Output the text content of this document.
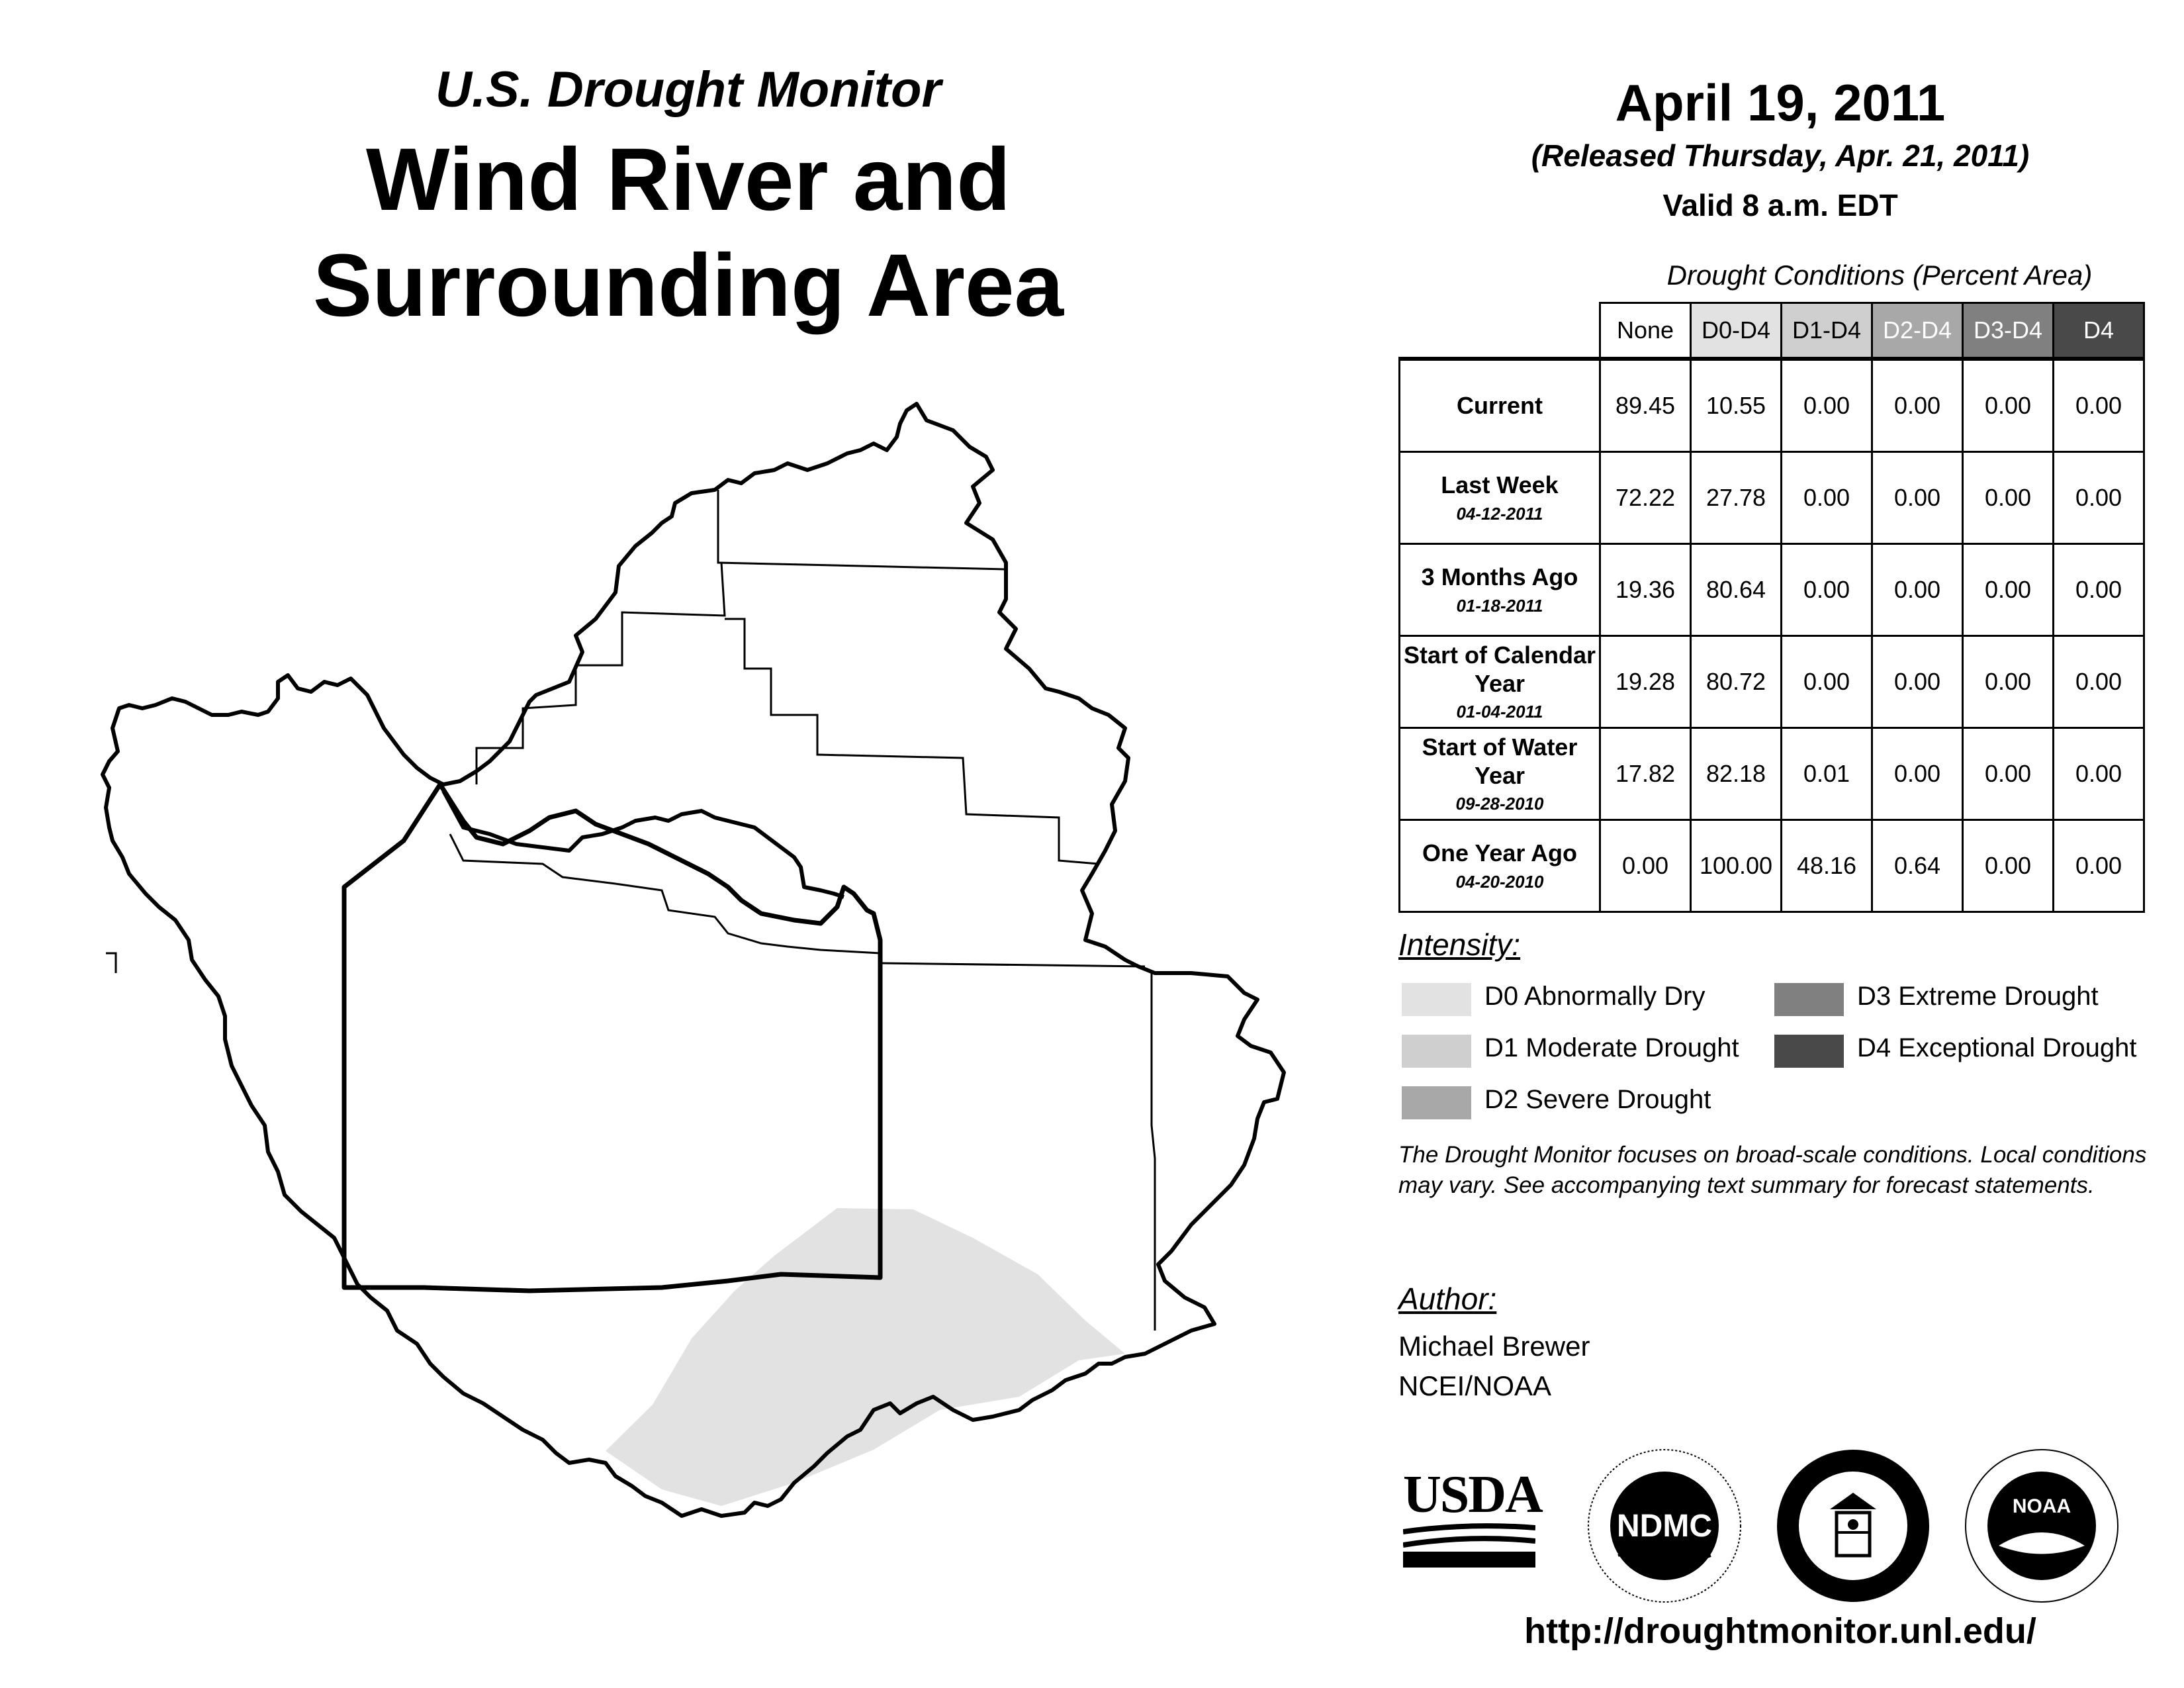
U.S. Drought Monitor
Wind River and
Surrounding Area
April 19, 2011
(Released Thursday, Apr. 21, 2011)
Valid 8 a.m. EDT
Drought Conditions (Percent Area)
	None	D0-D4	D1-D4	D2-D4	D3-D4	D4
Current	89.45	10.55	0.00	0.00	0.00	0.00
Last Week
04-12-2011	72.22	27.78	0.00	0.00	0.00	0.00
3 Months Ago
01-18-2011	19.36	80.64	0.00	0.00	0.00	0.00
Start of Calendar Year
01-04-2011	19.28	80.72	0.00	0.00	0.00	0.00
Start of Water Year
09-28-2010	17.82	82.18	0.01	0.00	0.00	0.00
One Year Ago
04-20-2010	0.00	100.00	48.16	0.64	0.00	0.00
Intensity:
D0 Abnormally Dry
D1 Moderate Drought
D2 Severe Drought
D3 Extreme Drought
D4 Exceptional Drought
The Drought Monitor focuses on broad-scale conditions. Local conditions may vary. See accompanying text summary for forecast statements.
Author:
Michael Brewer
NCEI/NOAA
USDA
NDMC
NOAA
http://droughtmonitor.unl.edu/
